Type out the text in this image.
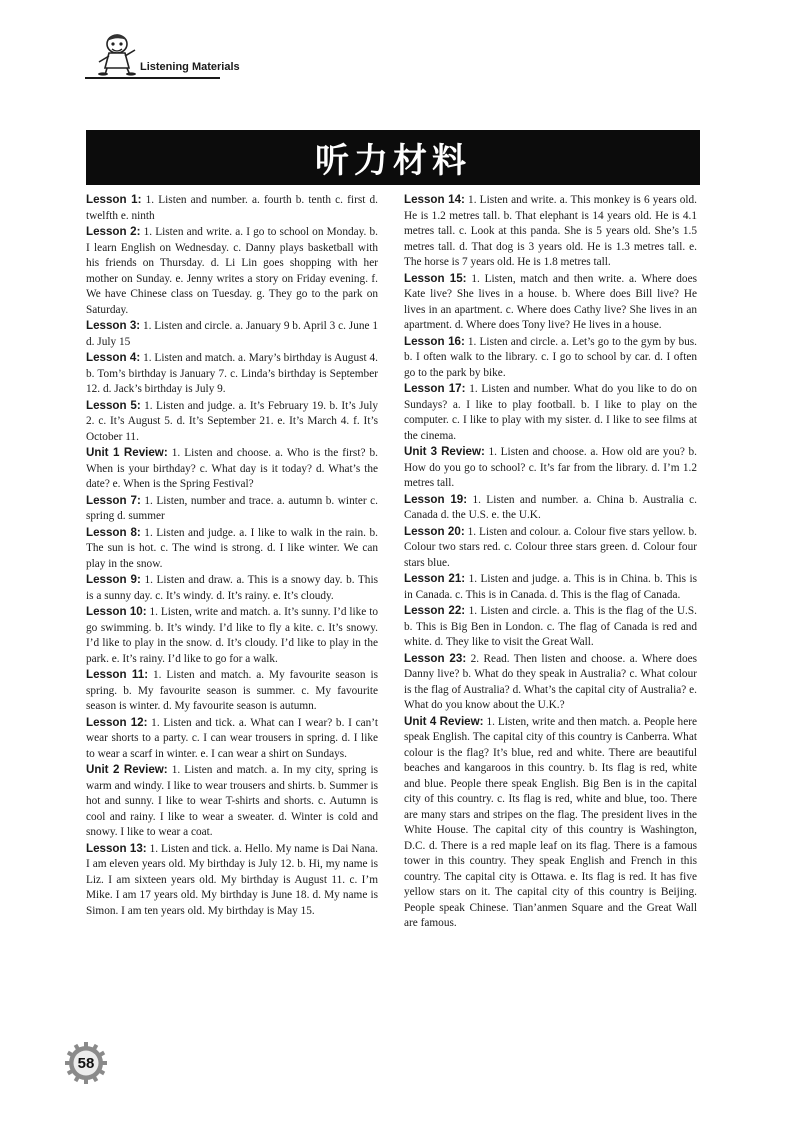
Listening Materials
听力材料

Lesson 1: 1. Listen and number. a. fourth b. tenth c. first d. twelfth e. ninth

Lesson 2: 1. Listen and write. a. I go to school on Monday. b. I learn English on Wednesday. c. Danny plays basketball with his friends on Thursday. d. Li Lin goes shopping with her mother on Sunday. e. Jenny writes a story on Friday evening. f. We have Chinese class on Tuesday. g. They go to the park on Saturday.

Lesson 3: 1. Listen and circle. a. January 9 b. April 3 c. June 1 d. July 15

Lesson 4: 1. Listen and match. a. Mary’s birthday is August 4. b. Tom’s birthday is January 7. c. Linda’s birthday is September 12. d. Jack’s birthday is July 9.

Lesson 5: 1. Listen and judge. a. It’s February 19. b. It’s July 2. c. It’s August 5. d. It’s September 21. e. It’s March 4. f. It’s October 11.

Unit 1 Review: 1. Listen and choose. a. Who is the first? b. When is your birthday? c. What day is it today? d. What’s the date? e. When is the Spring Festival?

Lesson 7: 1. Listen, number and trace. a. autumn b. winter c. spring d. summer

Lesson 8: 1. Listen and judge. a. I like to walk in the rain. b. The sun is hot. c. The wind is strong. d. I like winter. We can play in the snow.

Lesson 9: 1. Listen and draw. a. This is a snowy day. b. This is a sunny day. c. It’s windy. d. It’s rainy. e. It’s cloudy.

Lesson 10: 1. Listen, write and match. a. It’s sunny. I’d like to go swimming. b. It’s windy. I’d like to fly a kite. c. It’s snowy. I’d like to play in the snow. d. It’s cloudy. I’d like to play in the park. e. It’s rainy. I’d like to go for a walk.

Lesson 11: 1. Listen and match. a. My favourite season is spring. b. My favourite season is summer. c. My favourite season is winter. d. My favourite season is autumn.

Lesson 12: 1. Listen and tick. a. What can I wear? b. I can’t wear shorts to a party. c. I can wear trousers in spring. d. I like to wear a scarf in winter. e. I can wear a shirt on Sundays.

Unit 2 Review: 1. Listen and match. a. In my city, spring is warm and windy. I like to wear trousers and shirts. b. Summer is hot and sunny. I like to wear T-shirts and shorts. c. Autumn is cool and rainy. I like to wear a sweater. d. Winter is cold and snowy. I like to wear a coat.

Lesson 13: 1. Listen and tick. a. Hello. My name is Dai Nana. I am eleven years old. My birthday is July 12. b. Hi, my name is Liz. I am sixteen years old. My birthday is August 11. c. I’m Mike. I am 17 years old. My birthday is June 18. d. My name is Simon. I am ten years old. My birthday is May 15.

Lesson 14: 1. Listen and write. a. This monkey is 6 years old. He is 1.2 metres tall. b. That elephant is 14 years old. He is 4.1 metres tall. c. Look at this panda. She is 5 years old. She’s 1.5 metres tall. d. That dog is 3 years old. He is 1.3 metres tall. e. The horse is 7 years old. He is 1.8 metres tall.

Lesson 15: 1. Listen, match and then write. a. Where does Kate live? She lives in a house. b. Where does Bill live? He lives in an apartment. c. Where does Cathy live? She lives in an apartment. d. Where does Tony live? He lives in a house.

Lesson 16: 1. Listen and circle. a. Let’s go to the gym by bus. b. I often walk to the library. c. I go to school by car. d. I often go to the park by bike.

Lesson 17: 1. Listen and number. What do you like to do on Sundays? a. I like to play football. b. I like to play on the computer. c. I like to play with my sister. d. I like to see films at the cinema.

Unit 3 Review: 1. Listen and choose. a. How old are you? b. How do you go to school? c. It’s far from the library. d. I’m 1.2 metres tall.

Lesson 19: 1. Listen and number. a. China b. Australia c. Canada d. the U.S. e. the U.K.

Lesson 20: 1. Listen and colour. a. Colour five stars yellow. b. Colour two stars red. c. Colour three stars green. d. Colour four stars blue.

Lesson 21: 1. Listen and judge. a. This is in China. b. This is in Canada. c. This is in Canada. d. This is the flag of Canada.

Lesson 22: 1. Listen and circle. a. This is the flag of the U.S. b. This is Big Ben in London. c. The flag of Canada is red and white. d. They like to visit the Great Wall.

Lesson 23: 2. Read. Then listen and choose. a. Where does Danny live? b. What do they speak in Australia? c. What colour is the flag of Australia? d. What’s the capital city of Australia? e. What do you know about the U.K.?

Unit 4 Review: 1. Listen, write and then match. a. People here speak English. The capital city of this country is Canberra. What colour is the flag? It’s blue, red and white. There are beautiful beaches and kangaroos in this country. b. Its flag is red, white and blue. People there speak English. Big Ben is in the capital city of this country. c. Its flag is red, white and blue, too. There are many stars and stripes on the flag. The president lives in the White House. The capital city of this country is Washington, D.C. d. There is a red maple leaf on its flag. There is a famous tower in this country. They speak English and French in this country. The capital city is Ottawa. e. Its flag is red. It has five yellow stars on it. The capital city of this country is Beijing. People speak Chinese. Tian’anmen Square and the Great Wall are famous.

58
